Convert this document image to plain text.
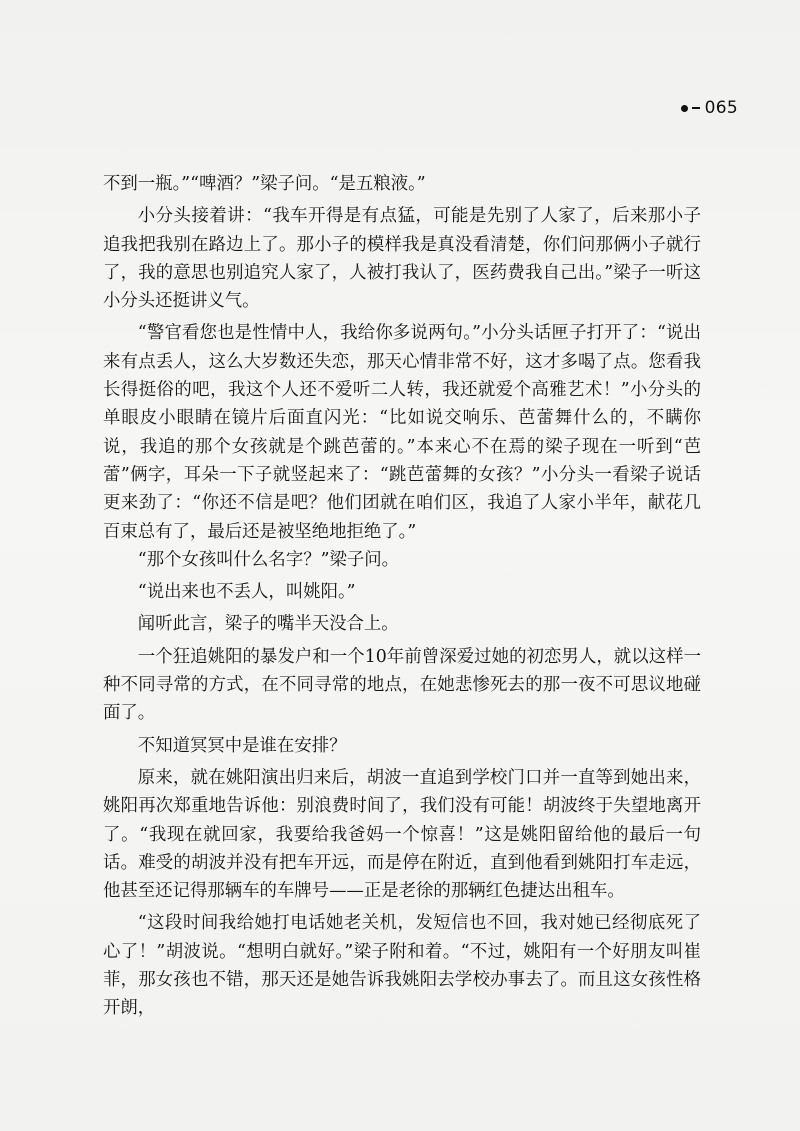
065

不到一瓶。”“啤酒？”梁子问。“是五粮液。”

小分头接着讲：“我车开得是有点猛，可能是先别了人家了，后来那小子追我把我别在路边上了。那小子的模样我是真没看清楚，你们问那俩小子就行了，我的意思也别追究人家了，人被打我认了，医药费我自己出。”梁子一听这小分头还挺讲义气。

“警官看您也是性情中人，我给你多说两句。”小分头话匣子打开了：“说出来有点丢人，这么大岁数还失恋，那天心情非常不好，这才多喝了点。您看我长得挺俗的吧，我这个人还不爱听二人转，我还就爱个高雅艺术！”小分头的单眼皮小眼睛在镜片后面直闪光：“比如说交响乐、芭蕾舞什么的，不瞒你说，我追的那个女孩就是个跳芭蕾的。”本来心不在焉的梁子现在一听到“芭蕾”俩字，耳朵一下子就竖起来了：“跳芭蕾舞的女孩？”小分头一看梁子说话更来劲了：“你还不信是吧？他们团就在咱们区，我追了人家小半年，献花几百束总有了，最后还是被坚绝地拒绝了。”

“那个女孩叫什么名字？”梁子问。

“说出来也不丢人，叫姚阳。”

闻听此言，梁子的嘴半天没合上。

一个狂追姚阳的暴发户和一个10年前曾深爱过她的初恋男人，就以这样一种不同寻常的方式，在不同寻常的地点，在她悲惨死去的那一夜不可思议地碰面了。

不知道冥冥中是谁在安排？

原来，就在姚阳演出归来后，胡波一直追到学校门口并一直等到她出来，姚阳再次郑重地告诉他：别浪费时间了，我们没有可能！胡波终于失望地离开了。“我现在就回家，我要给我爸妈一个惊喜！”这是姚阳留给他的最后一句话。难受的胡波并没有把车开远，而是停在附近，直到他看到姚阳打车走远，他甚至还记得那辆车的车牌号——正是老徐的那辆红色捷达出租车。

“这段时间我给她打电话她老关机，发短信也不回，我对她已经彻底死了心了！”胡波说。“想明白就好。”梁子附和着。“不过，姚阳有一个好朋友叫崔菲，那女孩也不错，那天还是她告诉我姚阳去学校办事去了。而且这女孩性格开朗，
